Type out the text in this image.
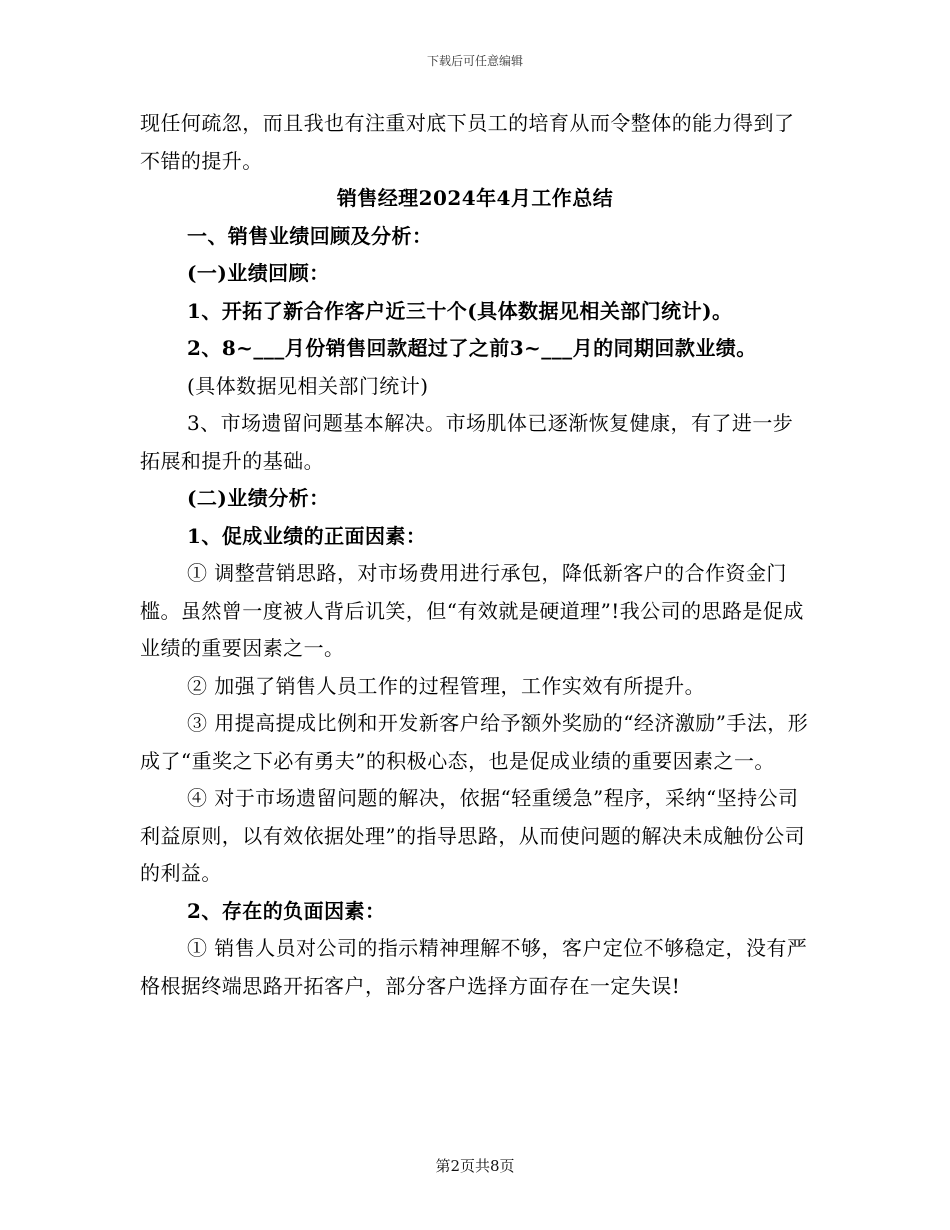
下载后可任意编辑

现任何疏忽，而且我也有注重对底下员工的培育从而令整体的能力得到了不错的提升。

销售经理2024年4月工作总结

一、销售业绩回顾及分析：

(一)业绩回顾：

1、开拓了新合作客户近三十个(具体数据见相关部门统计)。

2、8~___月份销售回款超过了之前3~___月的同期回款业绩。

(具体数据见相关部门统计)

3、市场遗留问题基本解决。市场肌体已逐渐恢复健康，有了进一步拓展和提升的基础。

(二)业绩分析：

1、促成业绩的正面因素：

① 调整营销思路，对市场费用进行承包，降低新客户的合作资金门槛。虽然曾一度被人背后讥笑，但“有效就是硬道理”!我公司的思路是促成业绩的重要因素之一。

② 加强了销售人员工作的过程管理，工作实效有所提升。

③ 用提高提成比例和开发新客户给予额外奖励的“经济激励”手法，形成了“重奖之下必有勇夫”的积极心态，也是促成业绩的重要因素之一。

④ 对于市场遗留问题的解决，依据“轻重缓急”程序，采纳“坚持公司利益原则，以有效依据处理”的指导思路，从而使问题的解决未成触份公司的利益。

2、存在的负面因素：

① 销售人员对公司的指示精神理解不够，客户定位不够稳定，没有严格根据终端思路开拓客户，部分客户选择方面存在一定失误!

第2页共8页
